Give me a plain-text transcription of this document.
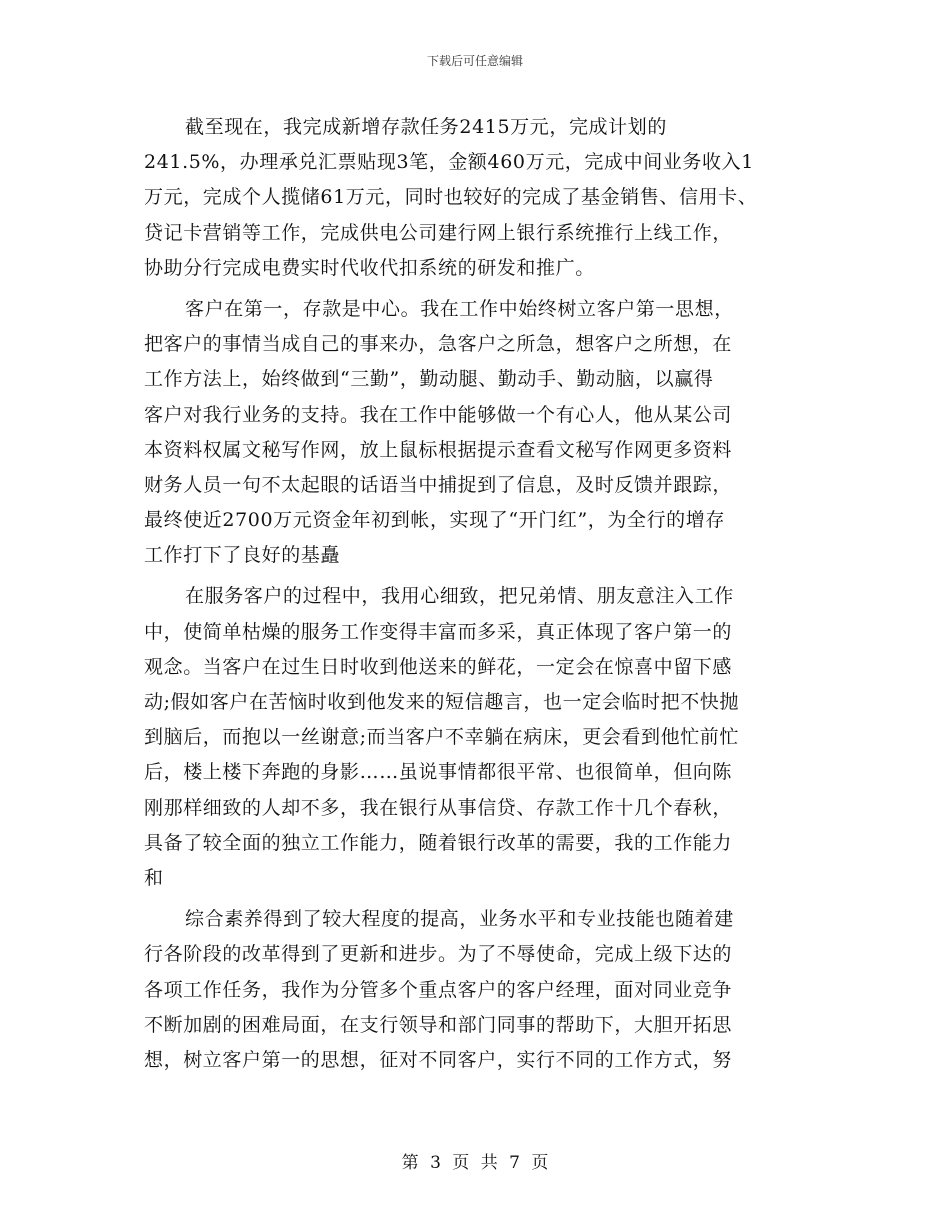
下载后可任意编辑
截至现在，我完成新增存款任务2415万元，完成计划的
241.5%，办理承兑汇票贴现3笔，金额460万元，完成中间业务收入1
万元，完成个人揽储61万元，同时也较好的完成了基金销售、信用卡、
贷记卡营销等工作，完成供电公司建行网上银行系统推行上线工作，
协助分行完成电费实时代收代扣系统的研发和推广。
客户在第一，存款是中心。我在工作中始终树立客户第一思想，
把客户的事情当成自己的事来办，急客户之所急，想客户之所想，在
工作方法上，始终做到“三勤”，勤动腿、勤动手、勤动脑，以赢得
客户对我行业务的支持。我在工作中能够做一个有心人，他从某公司
本资料权属文秘写作网，放上鼠标根据提示查看文秘写作网更多资料
财务人员一句不太起眼的话语当中捕捉到了信息，及时反馈并跟踪，
最终使近2700万元资金年初到帐，实现了“开门红”，为全行的增存
工作打下了良好的基矗
在服务客户的过程中，我用心细致，把兄弟情、朋友意注入工作
中，使简单枯燥的服务工作变得丰富而多采，真正体现了客户第一的
观念。当客户在过生日时收到他送来的鲜花，一定会在惊喜中留下感
动;假如客户在苦恼时收到他发来的短信趣言，也一定会临时把不快抛
到脑后，而抱以一丝谢意;而当客户不幸躺在病床，更会看到他忙前忙
后，楼上楼下奔跑的身影……虽说事情都很平常、也很简单，但向陈
刚那样细致的人却不多，我在银行从事信贷、存款工作十几个春秋，
具备了较全面的独立工作能力，随着银行改革的需要，我的工作能力
和
综合素养得到了较大程度的提高，业务水平和专业技能也随着建
行各阶段的改革得到了更新和进步。为了不辱使命，完成上级下达的
各项工作任务，我作为分管多个重点客户的客户经理，面对同业竞争
不断加剧的困难局面，在支行领导和部门同事的帮助下，大胆开拓思
想，树立客户第一的思想，征对不同客户，实行不同的工作方式，努
第 3 页 共 7 页
